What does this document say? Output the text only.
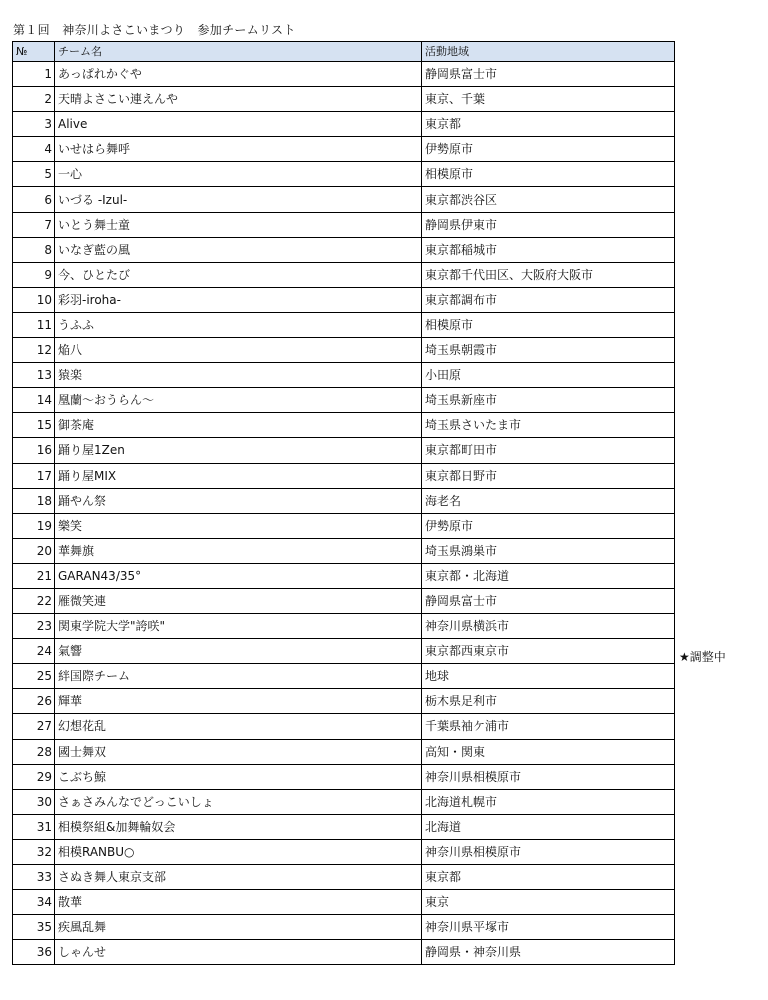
第１回　神奈川よさこいまつり　参加チームリスト
№	チーム名	活動地域
1	あっぱれかぐや	静岡県富士市
2	天晴よさこい連えんや	東京、千葉
3	Alive	東京都
4	いせはら舞呼	伊勢原市
5	一心	相模原市
6	いづる -Izul-	東京都渋谷区
7	いとう舞士童	静岡県伊東市
8	いなぎ藍の風	東京都稲城市
9	今、ひとたび	東京都千代田区、大阪府大阪市
10	彩羽-iroha-	東京都調布市
11	うふふ	相模原市
12	焔八	埼玉県朝霞市
13	猿楽	小田原
14	凰蘭～おうらん～	埼玉県新座市
15	御茶庵	埼玉県さいたま市
16	踊り屋1Zen	東京都町田市
17	踊り屋MIX	東京都日野市
18	踊やん祭	海老名
19	樂笑	伊勢原市
20	華舞旗	埼玉県鴻巣市
21	GARAN43/35°	東京都・北海道
22	雁微笑連	静岡県富士市
23	関東学院大学"誇咲"	神奈川県横浜市
24	氣響	東京都西東京市
25	絆国際チーム	地球
26	輝華	栃木県足利市
27	幻想花乱	千葉県袖ケ浦市
28	國士舞双	高知・関東
29	こぶち鯨	神奈川県相模原市
30	さぁさみんなでどっこいしょ	北海道札幌市
31	相模祭組&加舞輪奴会	北海道
32	相模RANBU○	神奈川県相模原市
33	さぬき舞人東京支部	東京都
34	散華	東京
35	疾風乱舞	神奈川県平塚市
36	しゃんせ	静岡県・神奈川県
★調整中
